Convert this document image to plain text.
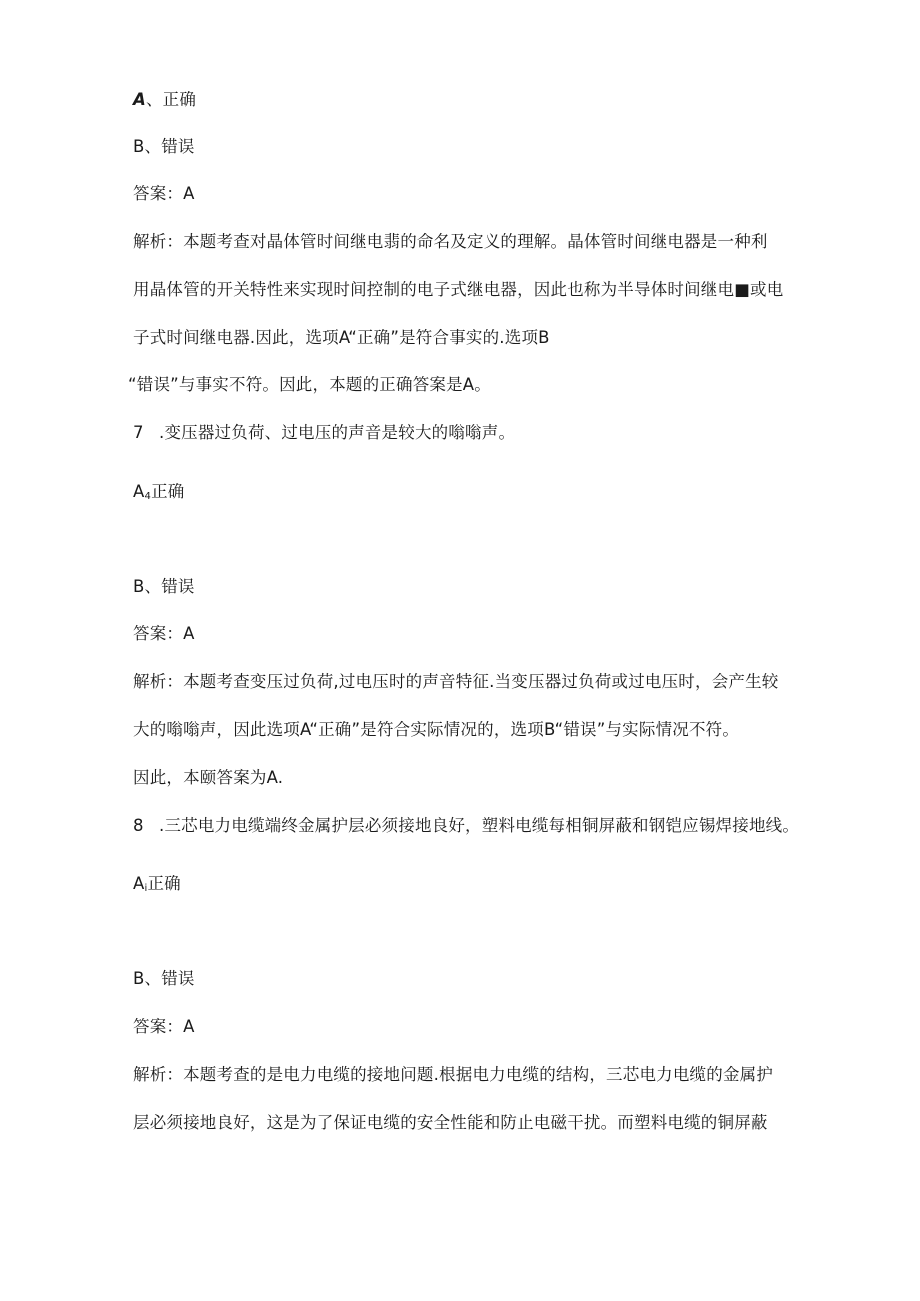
A、正确
B、错误
答案：A
解析：本题考查对晶体管时间继电翡的命名及定义的理解。晶体管时间继电器是一种利
用晶体管的开关特性来实现时间控制的电子式继电器，因此也称为半导体时间继电■或电
子式时间继电器.因此，选项A“正确”是符合事实的.选项B
“错误”与事实不符。因此，本题的正确答案是A。
7 .变压器过负荷、过电压的声音是较大的嗡嗡声。
$A_4$正确
B、错误
答案：A
解析：本题考查变压过负荷,过电压时的声音特征.当变压器过负荷或过电压时，会产生较
大的嗡嗡声，因此选项A“正确”是符合实际情况的，选项B“错误”与实际情况不符。
因此，本颐答案为A.
8 .三芯电力电缆端终金属护层必须接地良好，塑料电缆每相铜屏蔽和钢铠应锡焊接地线。
$A_i$正确
B、错误
答案：A
解析：本题考查的是电力电缆的接地问题.根据电力电缆的结构，三芯电力电缆的金属护
层必须接地良好，这是为了保证电缆的安全性能和防止电磁干扰。而塑料电缆的铜屏蔽
